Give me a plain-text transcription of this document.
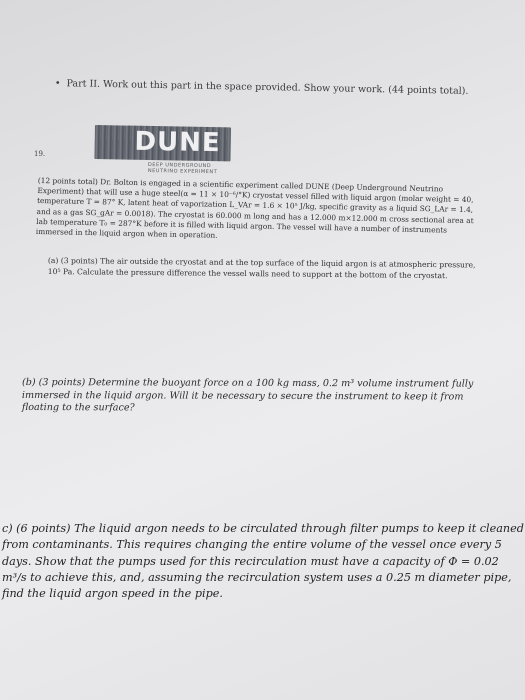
• Part II. Work out this part in the space provided. Show your work. (44 points total).
19.	DUNE
DEEP UNDERGROUND NEUTRINO EXPERIMENT

(12 points total) Dr. Bolton is engaged in a scientific experiment called DUNE (Deep Underground Neutrino Experiment) that will use a huge steel(α = 11 × 10⁻⁶/°K) cryostat vessel filled with liquid argon (molar weight = 40, temperature T = 87° K, latent heat of vaporization L_VAr = 1.6 × 10⁵ J/kg, specific gravity as a liquid SG_LAr = 1.4, and as a gas SG_gAr = 0.0018). The cryostat is 60.000 m long and has a 12.000 m×12.000 m cross sectional area at lab temperature T₀ = 287°K before it is filled with liquid argon. The vessel will have a number of instruments immersed in the liquid argon when in operation.

(a) (3 points) The air outside the cryostat and at the top surface of the liquid argon is at atmospheric pressure, 10⁵ Pa. Calculate the pressure difference the vessel walls need to support at the bottom of the cryostat.

(b) (3 points) Determine the buoyant force on a 100 kg mass, 0.2 m³ volume instrument fully immersed in the liquid argon. Will it be necessary to secure the instrument to keep it from floating to the surface?

c) (6 points) The liquid argon needs to be circulated through filter pumps to keep it cleaned from contaminants. This requires changing the entire volume of the vessel once every 5 days. Show that the pumps used for this recirculation must have a capacity of Φ = 0.02 m³/s to achieve this, and, assuming the recirculation system uses a 0.25 m diameter pipe, find the liquid argon speed in the pipe.
